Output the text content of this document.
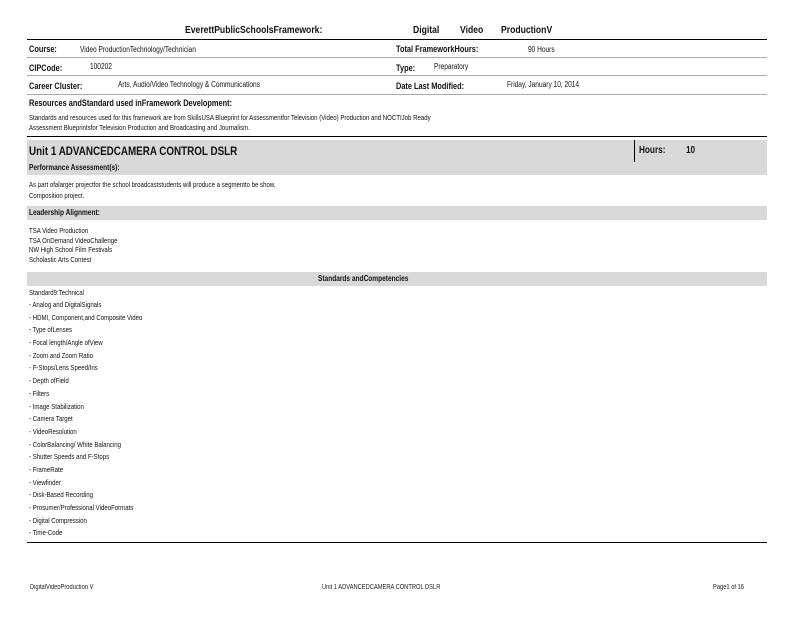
EverettPublicSchoolsFramework:	Digital Video ProductionV
Course:	Video ProductionTechnology/Technician	Total FrameworkHours:	90 Hours
CIPCode:	100202	Type: Preparatory
Career Cluster:	Arts, Audio/Video Technology & Communications	Date Last Modified:	Friday, January 10, 2014
Resources andStandard used inFramework Development:
Standards and resources used for this framework are from SkillsUSA Blueprint for Assessmentfor Television (Video) Production and NOCTIJob Ready
Assessment Blueprintsfor Television Production and Broadcasting and Journalism.
Unit 1 ADVANCEDCAMERA CONTROL DSLR	Hours: 10
Performance Assessment(s):
As part ofalarger projectfor the school broadcaststudents will produce a segmentto be show.
Composition project.
Leadership Alignment:
TSA Video Production
TSA OnDemand VideoChallenge
NW High School Film Festivals
Scholastic Arts Contest
Standards andCompetencies
Standard9:Technical
- Analog and DigitalSignals
- HDMI, Component,and Composite Video
- Type ofLenses
- Focal length/Angle ofView
- Zoom and Zoom Ratio
- F-Stops/Lens Speed/Iris
- Depth ofField
- Filters
- Image Stabilization
- Camera Target
- VideoResolution
- ColorBalancing/ White Balancing
- Shutter Speeds and F-Stops
- FrameRate
- Viewfinder
- Disk-Based Recording
- Prosumer/Professional VideoFormats
- Digital Compression
- Time-Code
DigitalVideoProduction V	Unit 1 ADVANCEDCAMERA CONTROL DSLR	Page1 of 16
